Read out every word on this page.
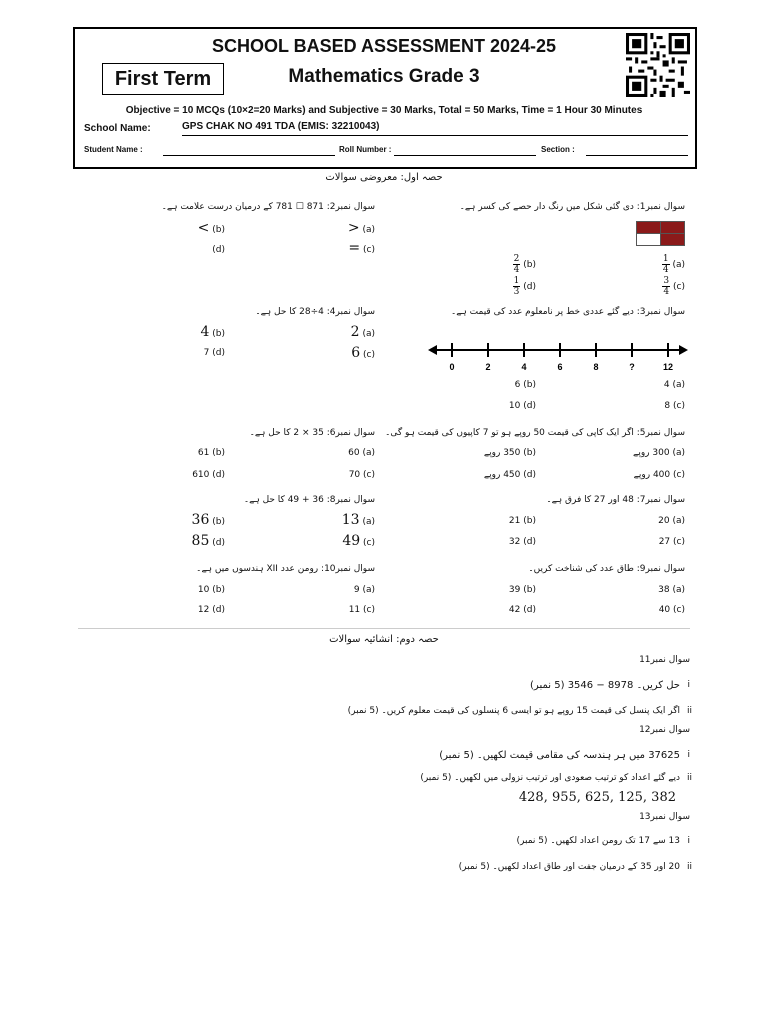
SCHOOL BASED ASSESSMENT 2024-25
First Term	Mathematics Grade 3
Objective = 10 MCQs (10×2=20 Marks) and Subjective = 30 Marks, Total = 50 Marks, Time = 1 Hour 30 Minutes
School Name:	GPS CHAK NO 491 TDA (EMIS: 32210043)
Student Name :	Roll Number :	Section :
حصہ اول: معروضی سوالات
سوال نمبر1: دی گئی شکل میں رنگ دار حصے کی کسر ہے۔
$\frac{1}{4} (a)$
$\frac{2}{4} (b)$
$\frac{3}{4} (c)$
$\frac{1}{3} (d)$
سوال نمبر2: 871 ☐ 781 کے درمیان درست علامت ہے۔
> (a)
< (b)
= (c)
(d)
سوال نمبر3: دیے گئے عددی خط پر نامعلوم عدد کی قیمت ہے۔
0	2	4	6	8	?	12
4 (a)
6 (b)
8 (c)
10 (d)
سوال نمبر4: 4÷28 کا حل ہے۔
2 (a)
4 (b)
6 (c)
7 (d)
سوال نمبر5: اگر ایک کاپی کی قیمت 50 روپے ہو تو 7 کاپیوں کی قیمت ہو گی۔
(a) 300 روپے
(b) 350 روپے
(c) 400 روپے
(d) 450 روپے
سوال نمبر6: 35 × 2 کا حل ہے۔
60 (a)
61 (b)
70 (c)
610 (d)
سوال نمبر7: 48 اور 27 کا فرق ہے۔
20 (a)
21 (b)
27 (c)
32 (d)
سوال نمبر8: 36 + 49 کا حل ہے۔
13 (a)
36 (b)
49 (c)
85 (d)
سوال نمبر9: طاق عدد کی شناخت کریں۔
38 (a)
39 (b)
40 (c)
42 (d)
سوال نمبر10: رومن عدد XII ہندسوں میں ہے۔
9 (a)
10 (b)
11 (c)
12 (d)
حصہ دوم: انشائیہ سوالات
سوال نمبر11
حل کریں۔ 8978 − 3546 (5 نمبر) i
اگر ایک پنسل کی قیمت 15 روپے ہو تو ایسی 6 پنسلوں کی قیمت معلوم کریں۔ (5 نمبر) ii
سوال نمبر12
37625 میں ہر ہندسہ کی مقامی قیمت لکھیں۔ (5 نمبر) i
دیے گئے اعداد کو ترتیب صعودی اور ترتیب نزولی میں لکھیں۔ (5 نمبر) ii
428, 955, 625, 125, 382
سوال نمبر13
13 سے 17 تک رومن اعداد لکھیں۔ (5 نمبر) i
20 اور 35 کے درمیان جفت اور طاق اعداد لکھیں۔ (5 نمبر) ii
